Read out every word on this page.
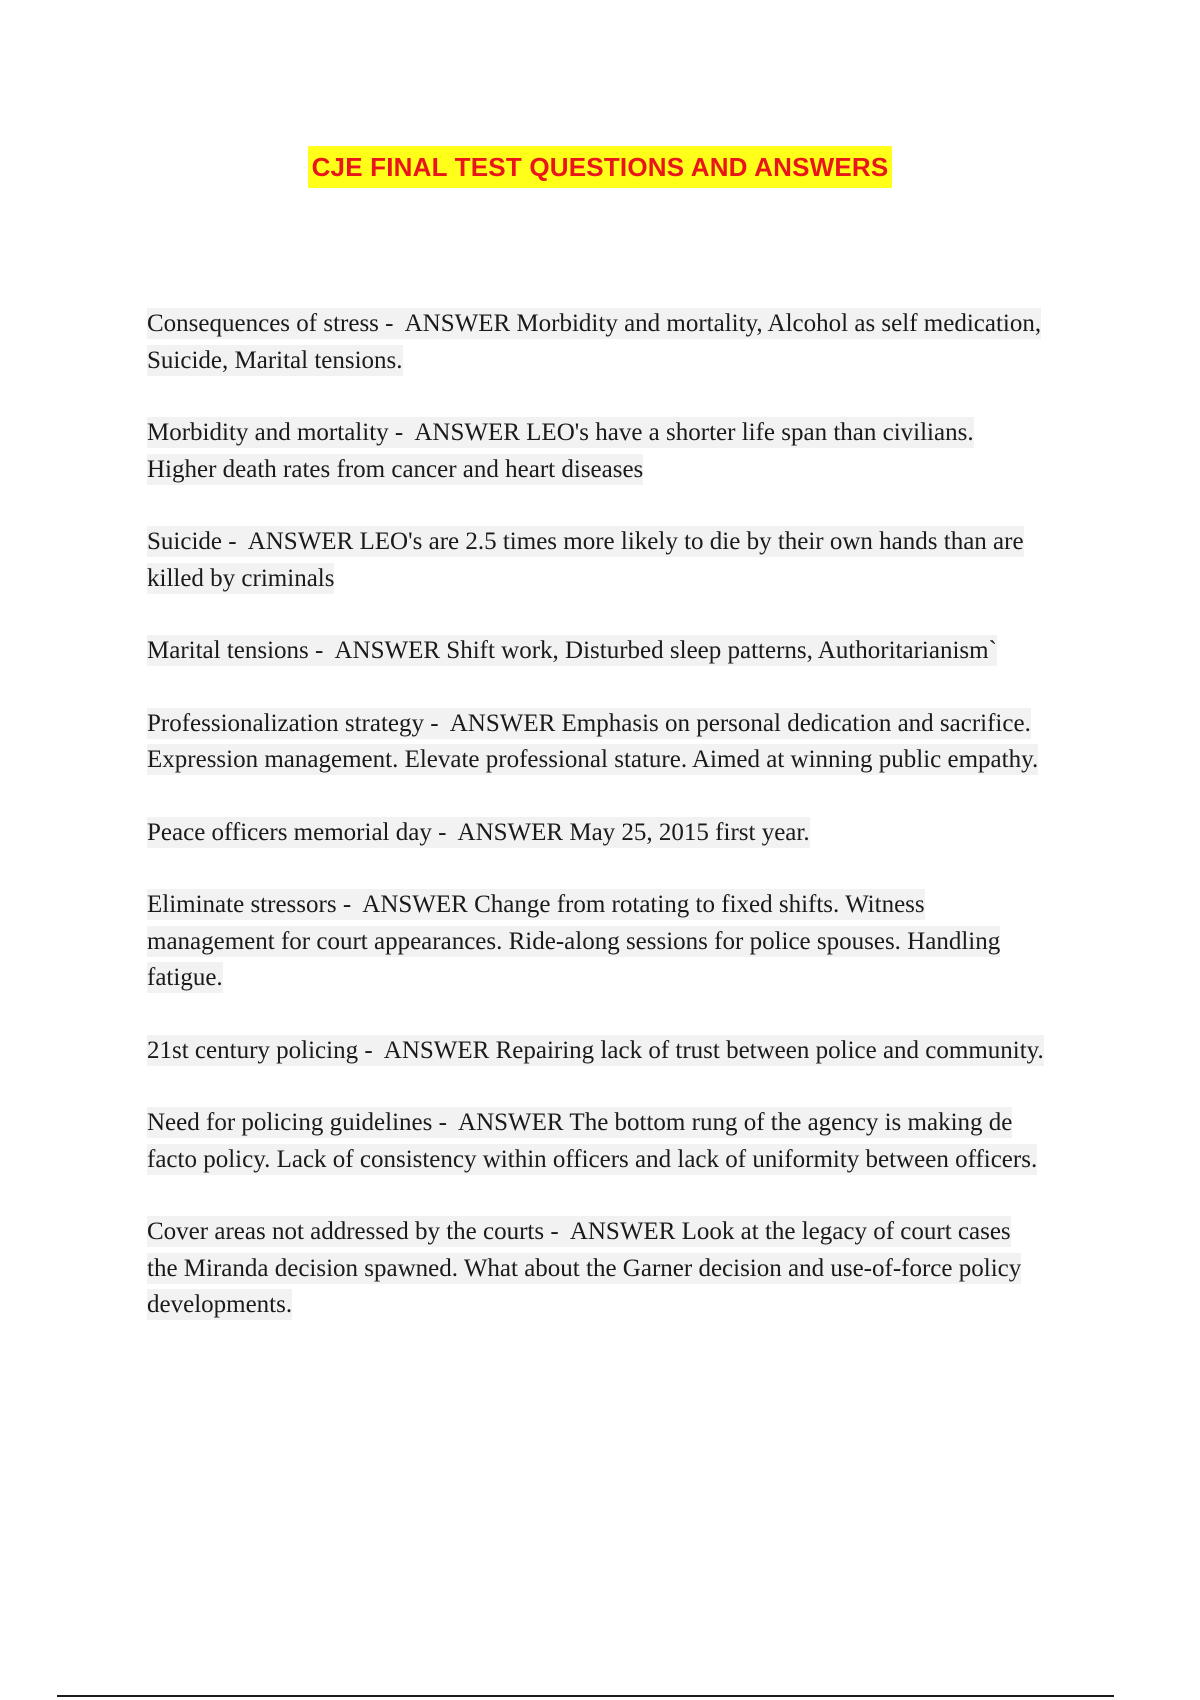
CJE FINAL TEST QUESTIONS AND ANSWERS
Consequences of stress -  ANSWER Morbidity and mortality, Alcohol as self medication, Suicide, Marital tensions.
Morbidity and mortality -  ANSWER LEO's have a shorter life span than civilians. Higher death rates from cancer and heart diseases
Suicide -  ANSWER LEO's are 2.5 times more likely to die by their own hands than are killed by criminals
Marital tensions -  ANSWER Shift work, Disturbed sleep patterns, Authoritarianism`
Professionalization strategy -  ANSWER Emphasis on personal dedication and sacrifice. Expression management. Elevate professional stature. Aimed at winning public empathy.
Peace officers memorial day -  ANSWER May 25, 2015 first year.
Eliminate stressors -  ANSWER Change from rotating to fixed shifts. Witness management for court appearances. Ride-along sessions for police spouses. Handling fatigue.
21st century policing -  ANSWER Repairing lack of trust between police and community.
Need for policing guidelines -  ANSWER The bottom rung of the agency is making de facto policy. Lack of consistency within officers and lack of uniformity between officers.
Cover areas not addressed by the courts -  ANSWER Look at the legacy of court cases the Miranda decision spawned. What about the Garner decision and use-of-force policy developments.
